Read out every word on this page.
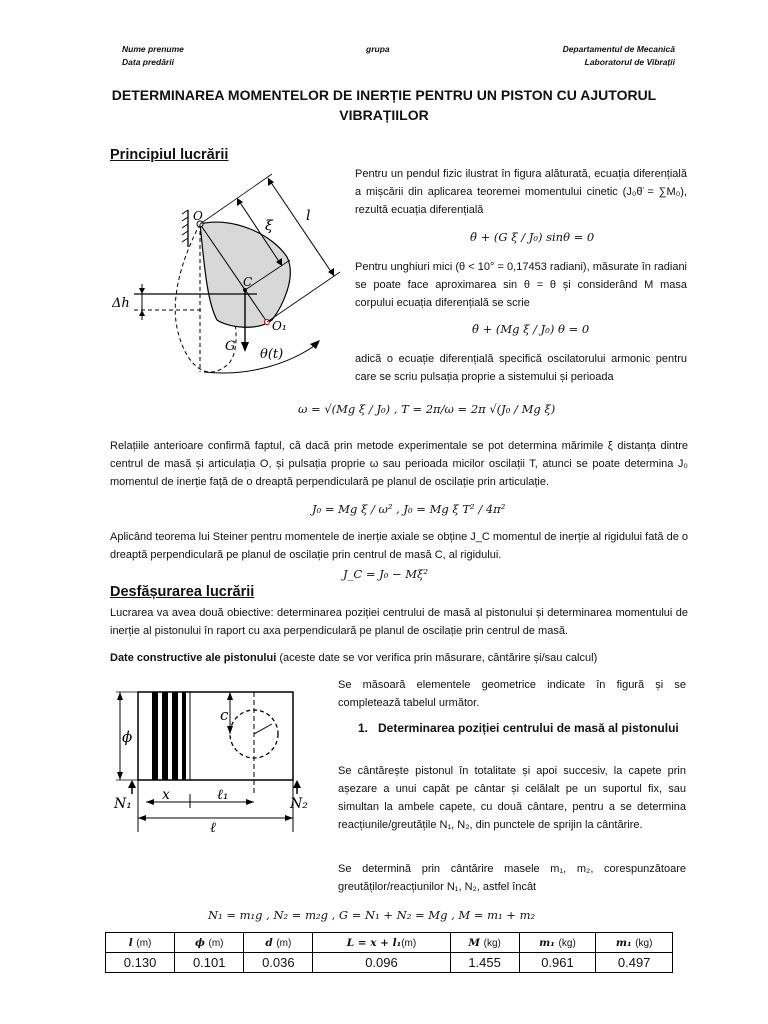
Nume prenume
Data predării
grupa	Departamentul de Mecanică
Laboratorul de Vibrații
DETERMINAREA MOMENTELOR DE INERȚIE PENTRU UN PISTON CU AJUTORUL VIBRAȚIILOR
Principiul lucrării
O
C
O₁
G
ξ
l
Δh
θ(t)
Pentru un pendul fizic ilustrat în figura alăturată, ecuația diferențială a mișcării din aplicarea teoremei momentului cinetic (J₀θ̈ = ∑M₀), rezultă ecuația diferențială
θ̈ + (G ξ / J₀) sinθ = 0
Pentru unghiuri mici (θ < 10° = 0,17453 radiani), măsurate în radiani se poate face aproximarea sin θ = θ și considerând M masa corpului ecuația diferențială se scrie
θ̈ + (Mg ξ / J₀) θ = 0
adică o ecuație diferențială specifică oscilatorului armonic pentru care se scriu pulsația proprie a sistemului și perioada
ω = √(Mg ξ / J₀) , T = 2π/ω = 2π √(J₀ / Mg ξ)
Relațiile anterioare confirmă faptul, că dacă prin metode experimentale se pot determina mărimile ξ distanța dintre centrul de masă și articulația O, și pulsația proprie ω sau perioada micilor oscilații T, atunci se poate determina J₀ momentul de inerție față de o dreaptă perpendiculară pe planul de oscilație prin articulație.
J₀ = Mg ξ / ω² , J₀ = Mg ξ T² / 4π²
Aplicând teorema lui Steiner pentru momentele de inerție axiale se obține J_C momentul de inerție al rigidului fată de o dreaptă perpendiculară pe planul de oscilație prin centrul de masă C, al rigidului.
J_C = J₀ − Mξ²
Desfășurarea lucrării
Lucrarea va avea două obiective: determinarea poziției centrului de masă al pistonului și determinarea momentului de inerție al pistonului în raport cu axa perpendiculară pe planul de oscilație prin centrul de masă.
Date constructive ale pistonului (aceste date se vor verifica prin măsurare, cântărire și/sau calcul)
ϕ
c
x	ℓ₁
ℓ
N₁	N₂
Se măsoară elementele geometrice indicate în figură și se completează tabelul următor.
1. Determinarea poziției centrului de masă al pistonului
Se cântărește pistonul în totalitate și apoi succesiv, la capete prin așezare a unui capăt pe cântar și celălalt pe un suportul fix, sau simultan la ambele capete, cu două cântare, pentru a se determina reacțiunile/greutățile N₁, N₂, din punctele de sprijin la cântărire.
Se determină prin cântărire masele m₁, m₂, corespunzătoare greutăților/reacțiunilor N₁, N₂, astfel încât
N₁ = m₁g , N₂ = m₂g , G = N₁ + N₂ = Mg , M = m₁ + m₂
l (m)	ϕ (m)	d (m)	L = x + l₁(m)	M (kg)	m₁ (kg)	m₁ (kg)
0.130	0.101	0.036	0.096	1.455	0.961	0.497
